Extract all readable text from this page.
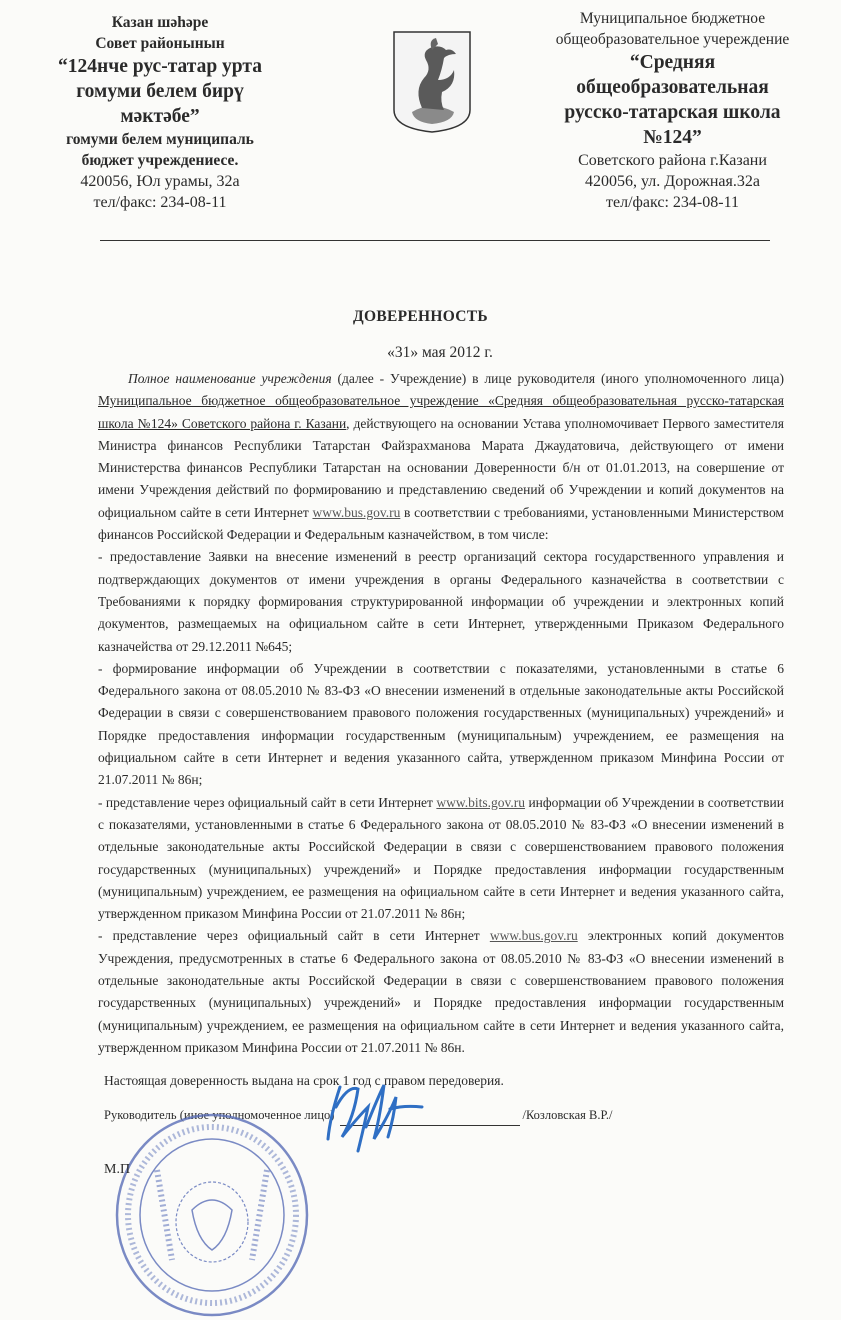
Казан шәһәре
Совет районынын
“124нче рус-татар урта
гомуми белем бирү
мәктәбе”
гомуми белем муниципаль
бюджет учреждениесе.
420056, Юл урамы, 32а
тел/факс: 234-08-11
Муниципальное бюджетное
общеобразовательное учереждение
“Средняя
общеобразовательная
русско-татарская школа
№124”
Советского района г.Казани
420056, ул. Дорожная.32а
тел/факс: 234-08-11
ДОВЕРЕННОСТЬ
«31» мая 2012 г.

Полное наименование учреждения (далее - Учреждение) в лице руководителя (иного уполномоченного лица) Муниципальное бюджетное общеобразовательное учреждение «Средняя общеобразовательная русско-татарская школа №124» Советского района г. Казани, действующего на основании Устава уполномочивает Первого заместителя Министра финансов Республики Татарстан Файзрахманова Марата Джаудатовича, действующего от имени Министерства финансов Республики Татарстан на основании Доверенности б/н от 01.01.2013, на совершение от имени Учреждения действий по формированию и представлению сведений об Учреждении и копий документов на официальном сайте в сети Интернет www.bus.gov.ru в соответствии с требованиями, установленными Министерством финансов Российской Федерации и Федеральным казначейством, в том числе:

- предоставление Заявки на внесение изменений в реестр организаций сектора государственного управления и подтверждающих документов от имени учреждения в органы Федерального казначейства в соответствии с Требованиями к порядку формирования структурированной информации об учреждении и электронных копий документов, размещаемых на официальном сайте в сети Интернет, утвержденными Приказом Федерального казначейства от 29.12.2011 №645;

- формирование информации об Учреждении в соответствии с показателями, установленными в статье 6 Федерального закона от 08.05.2010 № 83-ФЗ «О внесении изменений в отдельные законодательные акты Российской Федерации в связи с совершенствованием правового положения государственных (муниципальных) учреждений» и Порядке предоставления информации государственным (муниципальным) учреждением, ее размещения на официальном сайте в сети Интернет и ведения указанного сайта, утвержденном приказом Минфина России от 21.07.2011 № 86н;

- представление через официальный сайт в сети Интернет www.bits.gov.ru информации об Учреждении в соответствии с показателями, установленными в статье 6 Федерального закона от 08.05.2010 № 83-ФЗ «О внесении изменений в отдельные законодательные акты Российской Федерации в связи с совершенствованием правового положения государственных (муниципальных) учреждений» и Порядке предоставления информации государственным (муниципальным) учреждением, ее размещения на официальном сайте в сети Интернет и ведения указанного сайта, утвержденном приказом Минфина России от 21.07.2011 № 86н;

- представление через официальный сайт в сети Интернет www.bus.gov.ru электронных копий документов Учреждения, предусмотренных в статье 6 Федерального закона от 08.05.2010 № 83-ФЗ «О внесении изменений в отдельные законодательные акты Российской Федерации в связи с совершенствованием правового положения государственных (муниципальных) учреждений» и Порядке предоставления информации государственным (муниципальным) учреждением, ее размещения на официальном сайте в сети Интернет и ведения указанного сайта, утвержденном приказом Минфина России от 21.07.2011 № 86н.

Настоящая доверенность выдана на срок 1 год с правом передоверия.
Руководитель (иное уполномоченное лицо)	/Козловская В.Р./
М.П
